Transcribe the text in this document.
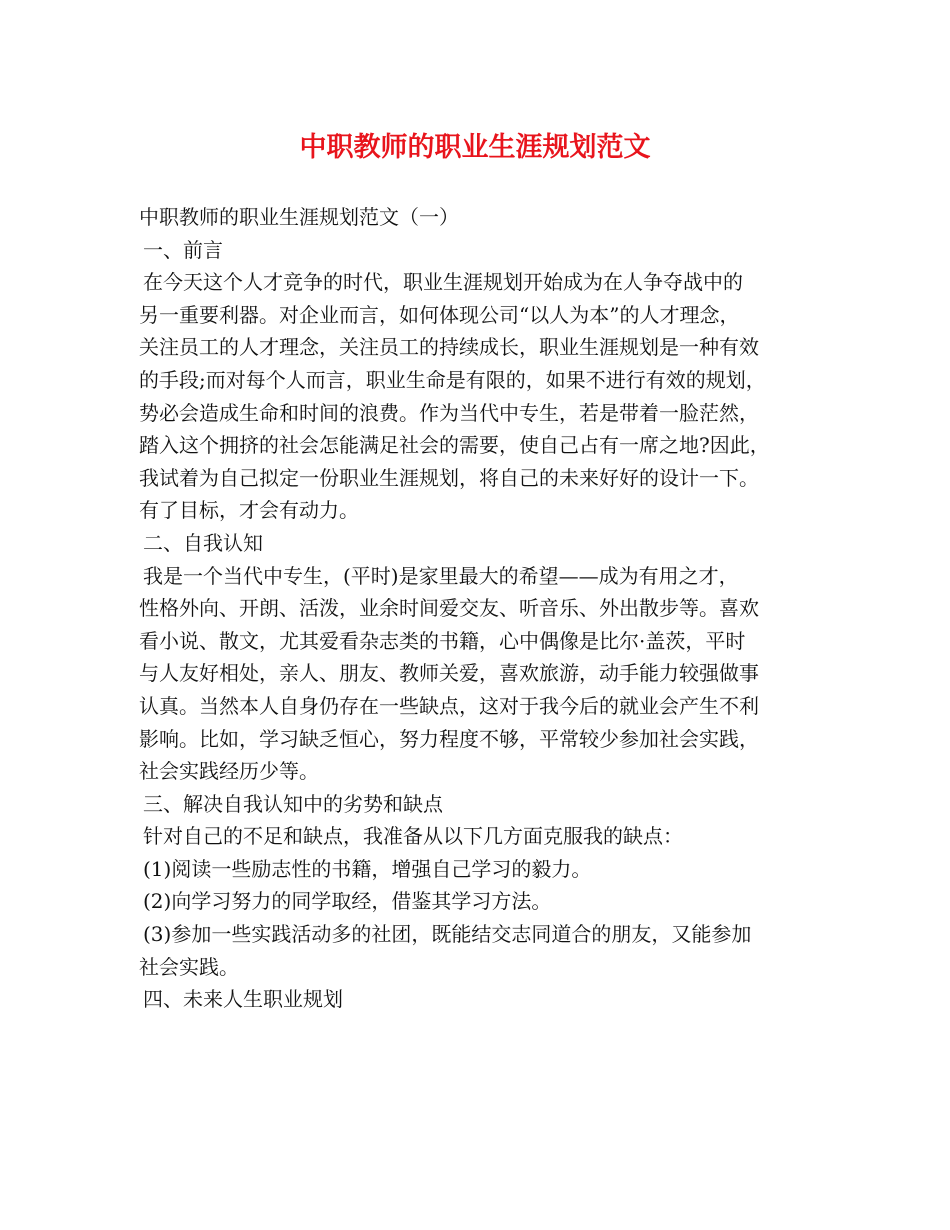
中职教师的职业生涯规划范文
中职教师的职业生涯规划范文（一）
一、前言
在今天这个人才竞争的时代，职业生涯规划开始成为在人争夺战中的
另一重要利器。对企业而言，如何体现公司“以人为本”的人才理念，
关注员工的人才理念，关注员工的持续成长，职业生涯规划是一种有效
的手段;而对每个人而言，职业生命是有限的，如果不进行有效的规划，
势必会造成生命和时间的浪费。作为当代中专生，若是带着一脸茫然，
踏入这个拥挤的社会怎能满足社会的需要，使自己占有一席之地?因此，
我试着为自己拟定一份职业生涯规划，将自己的未来好好的设计一下。
有了目标，才会有动力。
二、自我认知
我是一个当代中专生，(平时)是家里最大的希望——成为有用之才，
性格外向、开朗、活泼，业余时间爱交友、听音乐、外出散步等。喜欢
看小说、散文，尤其爱看杂志类的书籍，心中偶像是比尔·盖茨，平时
与人友好相处，亲人、朋友、教师关爱，喜欢旅游，动手能力较强做事
认真。当然本人自身仍存在一些缺点，这对于我今后的就业会产生不利
影响。比如，学习缺乏恒心，努力程度不够，平常较少参加社会实践，
社会实践经历少等。
三、解决自我认知中的劣势和缺点
针对自己的不足和缺点，我准备从以下几方面克服我的缺点：
(1)阅读一些励志性的书籍，增强自己学习的毅力。
(2)向学习努力的同学取经，借鉴其学习方法。
(3)参加一些实践活动多的社团，既能结交志同道合的朋友，又能参加
社会实践。
四、未来人生职业规划
